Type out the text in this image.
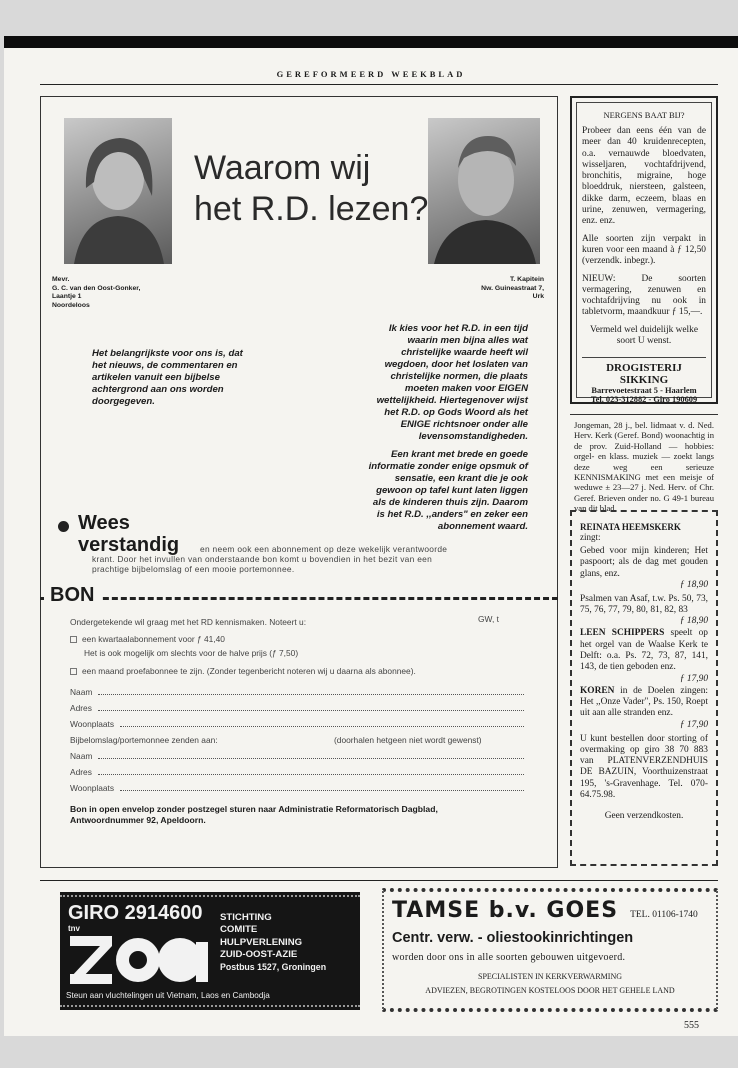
GEREFORMEERD WEEKBLAD
Waarom wij
het R.D. lezen?
Mevr.
G. C. van den Oost-Gonker,
Laantje 1
Noordeloos
T. Kapitein
Nw. Guineastraat 7,
Urk
Het belangrijkste voor ons is, dat
het nieuws, de commentaren en
artikelen vanuit een bijbelse
achtergrond aan ons worden
doorgegeven.
Ik kies voor het R.D. in een tijd
waarin men bijna alles wat
christelijke waarde heeft wil
wegdoen, door het loslaten van
christelijke normen, die plaats
moeten maken voor EIGEN
wettelijkheid. Hiertegenover wijst
het R.D. op Gods Woord als het
ENIGE richtsnoer onder alle
levensomstandigheden.
Een krant met brede en goede
informatie zonder enige opsmuk of
sensatie, een krant die je ook
gewoon op tafel kunt laten liggen
als de kinderen thuis zijn. Daarom
is het R.D. ,,anders" en zeker een
abonnement waard.
Wees
verstandig en neem ook een abonnement op deze wekelijk verantwoorde
krant. Door het invullen van onderstaande bon komt u bovendien in het bezit van een
prachtige bijbelomslag of een mooie portemonnee.
BON
Ondergetekende wil graag met het RD kennismaken. Noteert u:	GW, t
een kwartaalabonnement voor ƒ 41,40
Het is ook mogelijk om slechts voor de halve prijs (ƒ 7,50)
een maand proefabonnee te zijn. (Zonder tegenbericht noteren wij u daarna als abonnee).
Naam
Adres
Woonplaats
Bijbelomslag/portemonnee zenden aan:	(doorhalen hetgeen niet wordt gewenst)
Naam
Adres
Woonplaats
Bon in open envelop zonder postzegel sturen naar Administratie Reformatorisch Dagblad,
Antwoordnummer 92, Apeldoorn.
NERGENS BAAT BIJ?
Probeer dan eens één van de meer dan 40 kruidenrecepten, o.a. vernauwde bloedvaten, wisseljaren, vochtafdrijvend, bronchitis, migraine, hoge bloeddruk, niersteen, galsteen, dikke darm, eczeem, blaas en urine, zenuwen, vermagering, enz. enz.
Alle soorten zijn verpakt in kuren voor een maand à ƒ 12,50 (verzendk. inbegr.).
NIEUW: De soorten vermagering, zenuwen en vochtafdrijving nu ook in tabletvorm, maandkuur ƒ 15,—.
Vermeld wel duidelijk welke soort U wenst.
DROGISTERIJ SIKKING
Barrevoetestraat 5 - Haarlem
Tel. 023-312882 - Giro 190609
Jongeman, 28 j., bel. lidmaat v. d. Ned. Herv. Kerk (Geref. Bond) woonachtig in de prov. Zuid-Holland — hobbies: orgel- en klass. muziek — zoekt langs deze weg een serieuze KENNISMAKING met een meisje of weduwe ± 23—27 j. Ned. Herv. of Chr. Geref. Brieven onder no. G 49-1 bureau van dit blad.
REINATA HEEMSKERK
zingt:
Gebed voor mijn kinderen; Het paspoort; als de dag met gouden glans, enz.
ƒ 18,90
Psalmen van Asaf, t.w. Ps. 50, 73, 75, 76, 77, 79, 80, 81, 82, 83
ƒ 18,90
LEEN SCHIPPERS speelt op het orgel van de Waalse Kerk te Delft: o.a. Ps. 72, 73, 87, 141, 143, de tien geboden enz.
ƒ 17,90
KOREN in de Doelen zingen: Het ,,Onze Vader", Ps. 150, Roept uit aan alle stranden enz.
ƒ 17,90
U kunt bestellen door storting of overmaking op giro 38 70 883 van PLATENVERZENDHUIS DE BAZUIN, Voorthuizenstraat 195, 's-Gravenhage. Tel. 070-64.75.98.
Geen verzendkosten.
GIRO 2914600
tnv
STICHTING
COMITE
HULPVERLENING
ZUID-OOST-AZIE
Postbus 1527, Groningen
Steun aan vluchtelingen uit Vietnam, Laos en Cambodja
TAMSE b.v. GOES TEL. 01106-1740
Centr. verw. - oliestookinrichtingen
worden door ons in alle soorten gebouwen uitgevoerd.
SPECIALISTEN IN KERKVERWARMING
ADVIEZEN, BEGROTINGEN KOSTELOOS DOOR HET GEHELE LAND
555
